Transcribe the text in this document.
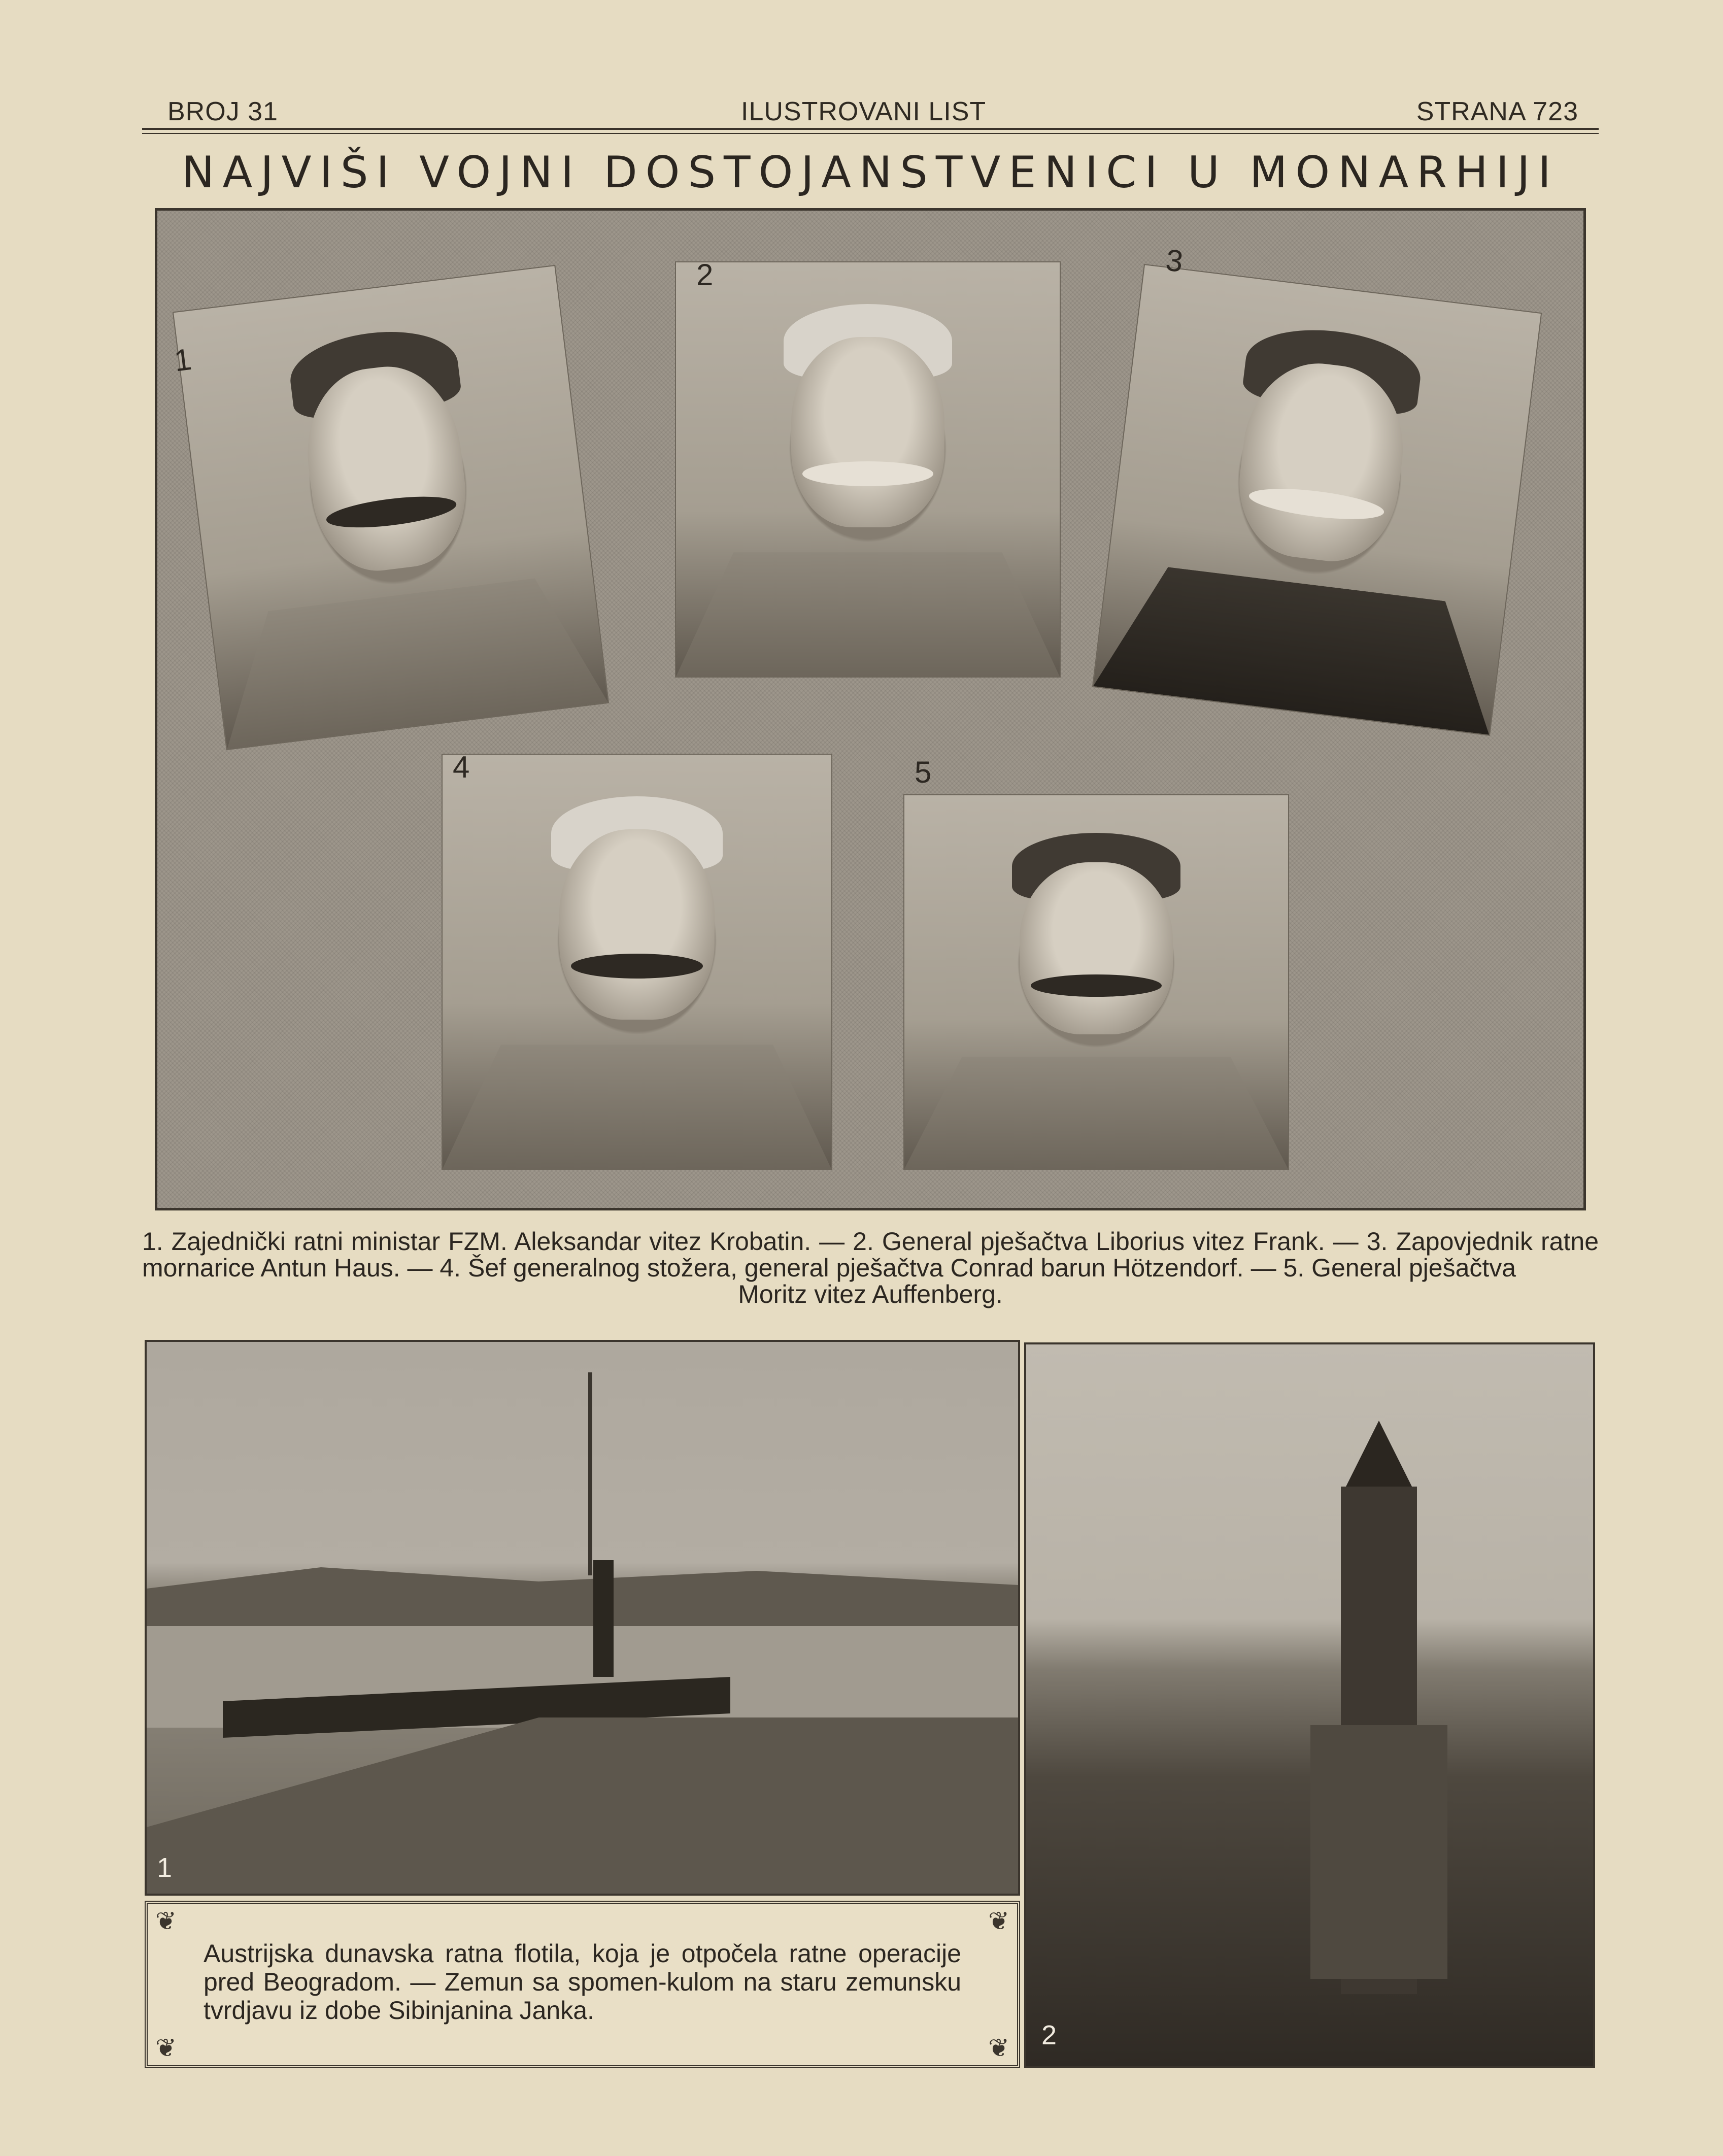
BROJ 31	ILUSTROVANI LIST	STRANA 723
NAJVIŠI VOJNI DOSTOJANSTVENICI U MONARHIJI
1
2	3
4	5
1. Zajednički ratni ministar FZM. Aleksandar vitez Krobatin. — 2. General pješačtva Liborius vitez Frank. — 3. Zapovjednik ratne mornarice Antun Haus. — 4. Šef generalnog stožera, general pješačtva Conrad barun Hötzendorf. — 5. General pješačtva
Moritz vitez Auffenberg.
1
2
❦	❦
❦	❦

Austrijska dunavska ratna flotila, koja je otpočela ratne operacije pred Beogradom. — Zemun sa spomen-kulom na staru zemunsku tvrdjavu iz dobe Sibinjanina Janka.
